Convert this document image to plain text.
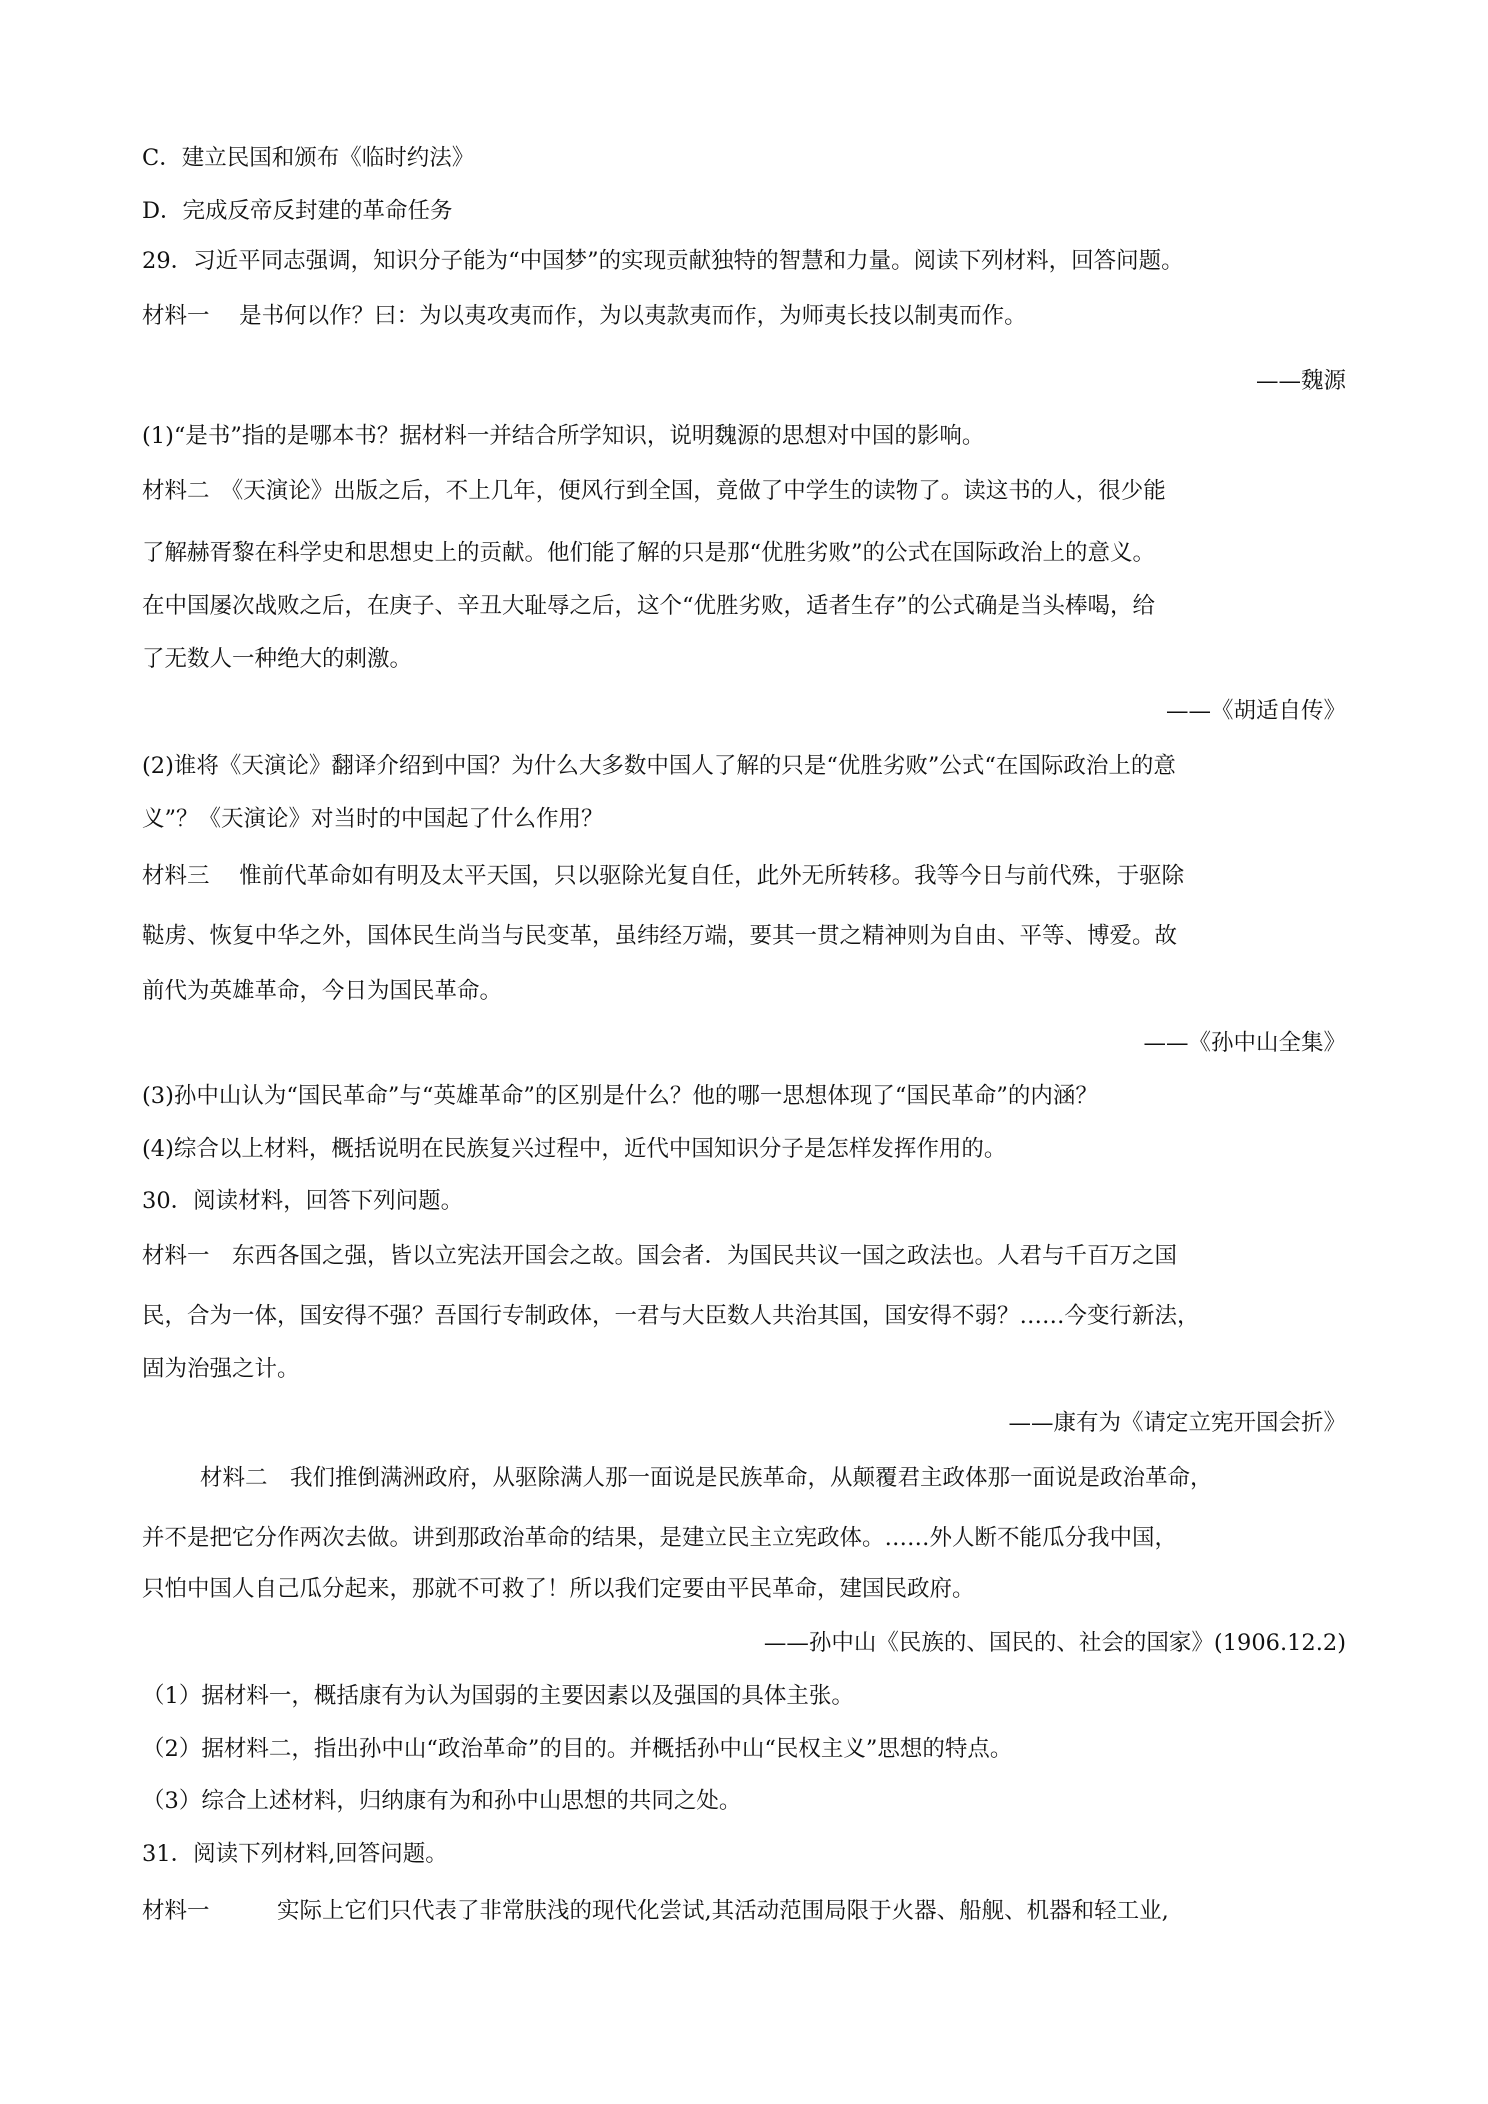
C．建立民国和颁布《临时约法》
D．完成反帝反封建的革命任务
29．习近平同志强调，知识分子能为“中国梦”的实现贡献独特的智慧和力量。阅读下列材料，回答问题。
材料一　 是书何以作？曰：为以夷攻夷而作，为以夷款夷而作，为师夷长技以制夷而作。
——魏源
(1)“是书”指的是哪本书？据材料一并结合所学知识，说明魏源的思想对中国的影响。
材料二　《天演论》出版之后，不上几年，便风行到全国，竟做了中学生的读物了。读这书的人，很少能
了解赫胥黎在科学史和思想史上的贡献。他们能了解的只是那“优胜劣败”的公式在国际政治上的意义。
在中国屡次战败之后，在庚子、辛丑大耻辱之后，这个“优胜劣败，适者生存”的公式确是当头棒喝，给
了无数人一种绝大的刺激。
——《胡适自传》
(2)谁将《天演论》翻译介绍到中国？为什么大多数中国人了解的只是“优胜劣败”公式“在国际政治上的意
义”？《天演论》对当时的中国起了什么作用？
材料三　 惟前代革命如有明及太平天国，只以驱除光复自任，此外无所转移。我等今日与前代殊，于驱除
鞑虏、恢复中华之外，国体民生尚当与民变革，虽纬经万端，要其一贯之精神则为自由、平等、博爱。故
前代为英雄革命，今日为国民革命。
——《孙中山全集》
(3)孙中山认为“国民革命”与“英雄革命”的区别是什么？他的哪一思想体现了“国民革命”的内涵？
(4)综合以上材料，概括说明在民族复兴过程中，近代中国知识分子是怎样发挥作用的。
30．阅读材料，回答下列问题。
材料一　东西各国之强，皆以立宪法开国会之故。国会者．为国民共议一国之政法也。人君与千百万之国
民，合为一体，国安得不强？吾国行专制政体，一君与大臣数人共治其国，国安得不弱？……今变行新法，
固为治强之计。
——康有为《请定立宪开国会折》
材料二　我们推倒满洲政府，从驱除满人那一面说是民族革命，从颠覆君主政体那一面说是政治革命，
并不是把它分作两次去做。讲到那政治革命的结果，是建立民主立宪政体。……外人断不能瓜分我中国，
只怕中国人自己瓜分起来，那就不可救了！所以我们定要由平民革命，建国民政府。
——孙中山《民族的、国民的、社会的国家》(1906.12.2)
（1）据材料一，概括康有为认为国弱的主要因素以及强国的具体主张。
（2）据材料二，指出孙中山“政治革命”的目的。并概括孙中山“民权主义”思想的特点。
（3）综合上述材料，归纳康有为和孙中山思想的共同之处。
31．阅读下列材料,回答问题。
材料一　　　实际上它们只代表了非常肤浅的现代化尝试,其活动范围局限于火器、船舰、机器和轻工业,
